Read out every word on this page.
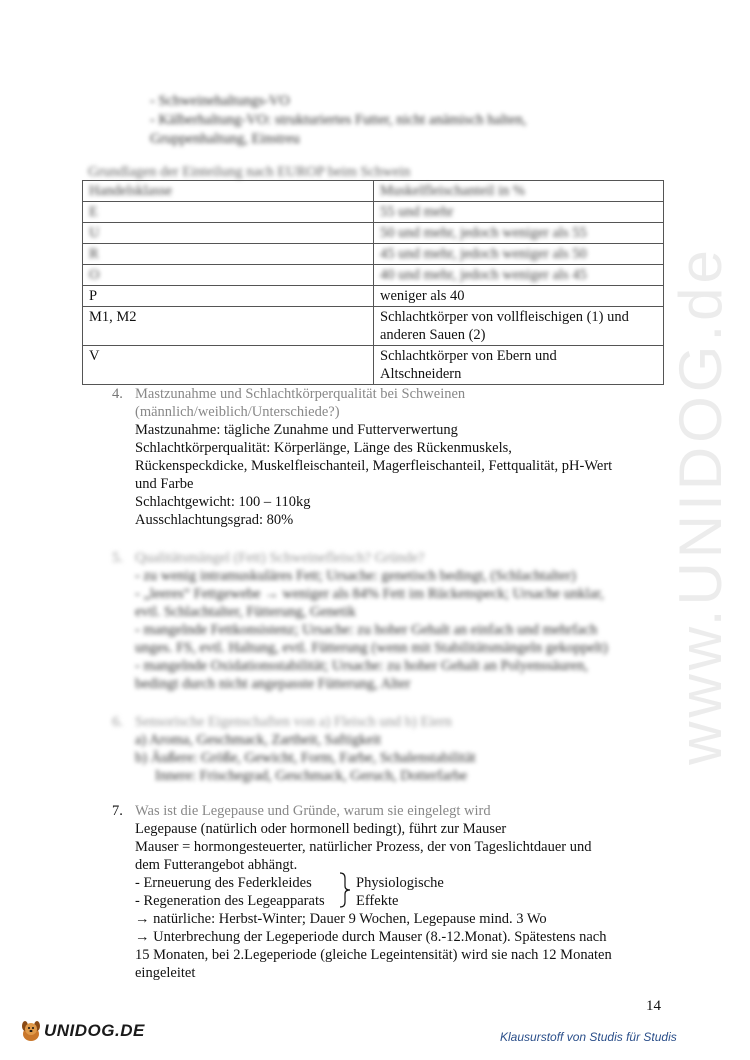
www.UNIDOG.de
- Schweinehaltungs-VO
- Kälberhaltung-VO: strukturiertes Futter, nicht anämisch halten,
Gruppenhaltung, Einstreu
Grundlagen der Einteilung nach EUROP beim Schwein
Handelsklasse	Muskelfleischanteil in %
E	55 und mehr
U	50 und mehr, jedoch weniger als 55
R	45 und mehr, jedoch weniger als 50
O	40 und mehr, jedoch weniger als 45
P	weniger als 40
M1, M2	Schlachtkörper von vollfleischigen (1) und
anderen Sauen (2)

V	Schlachtkörper von Ebern und
Altschneidern
4. Mastzunahme und Schlachtkörperqualität bei Schweinen
(männlich/weiblich/Unterschiede?)
Mastzunahme: tägliche Zunahme und Futterverwertung
Schlachtkörperqualität: Körperlänge, Länge des Rückenmuskels,
Rückenspeckdicke, Muskelfleischanteil, Magerfleischanteil, Fettqualität, pH-Wert
und Farbe
Schlachtgewicht: 100 – 110kg
Ausschlachtungsgrad: 80%
5. Qualitätsmängel (Fett) Schweinefleisch? Gründe?
- zu wenig intramuskuläres Fett; Ursache: genetisch bedingt, (Schlachtalter)
- „leeres“ Fettgewebe → weniger als 84% Fett im Rückenspeck; Ursache unklar,
evtl. Schlachtalter, Fütterung, Genetik
- mangelnde Fettkonsistenz; Ursache: zu hoher Gehalt an einfach und mehrfach
unges. FS, evtl. Haltung, evtl. Fütterung (wenn mit Stabilitätsmängeln gekoppelt)
- mangelnde Oxidationsstabilität; Ursache: zu hoher Gehalt an Polyenssäuren,
bedingt durch nicht angepasste Fütterung, Alter
6. Sensorische Eigenschaften von a) Fleisch und b) Eiern
a) Aroma, Geschmack, Zartheit, Saftigkeit
b) Äußere: Größe, Gewicht, Form, Farbe, Schalenstabilität
Innere: Frischegrad, Geschmack, Geruch, Dotterfarbe
7. Was ist die Legepause und Gründe, warum sie eingelegt wird
Legepause (natürlich oder hormonell bedingt), führt zur Mauser
Mauser = hormongesteuerter, natürlicher Prozess, der von Tageslichtdauer und
dem Futterangebot abhängt.
- Erneuerung des Federkleides	Physiologische
- Regeneration des Legeapparats Effekte
→ natürliche: Herbst-Winter; Dauer 9 Wochen, Legepause mind. 3 Wo
→ Unterbrechung der Legeperiode durch Mauser (8.-12.Monat). Spätestens nach
15 Monaten, bei 2.Legeperiode (gleiche Legeintensität) wird sie nach 12 Monaten
eingeleitet
14
UNIDOG.DE	Klausurstoff von Studis für Studis
